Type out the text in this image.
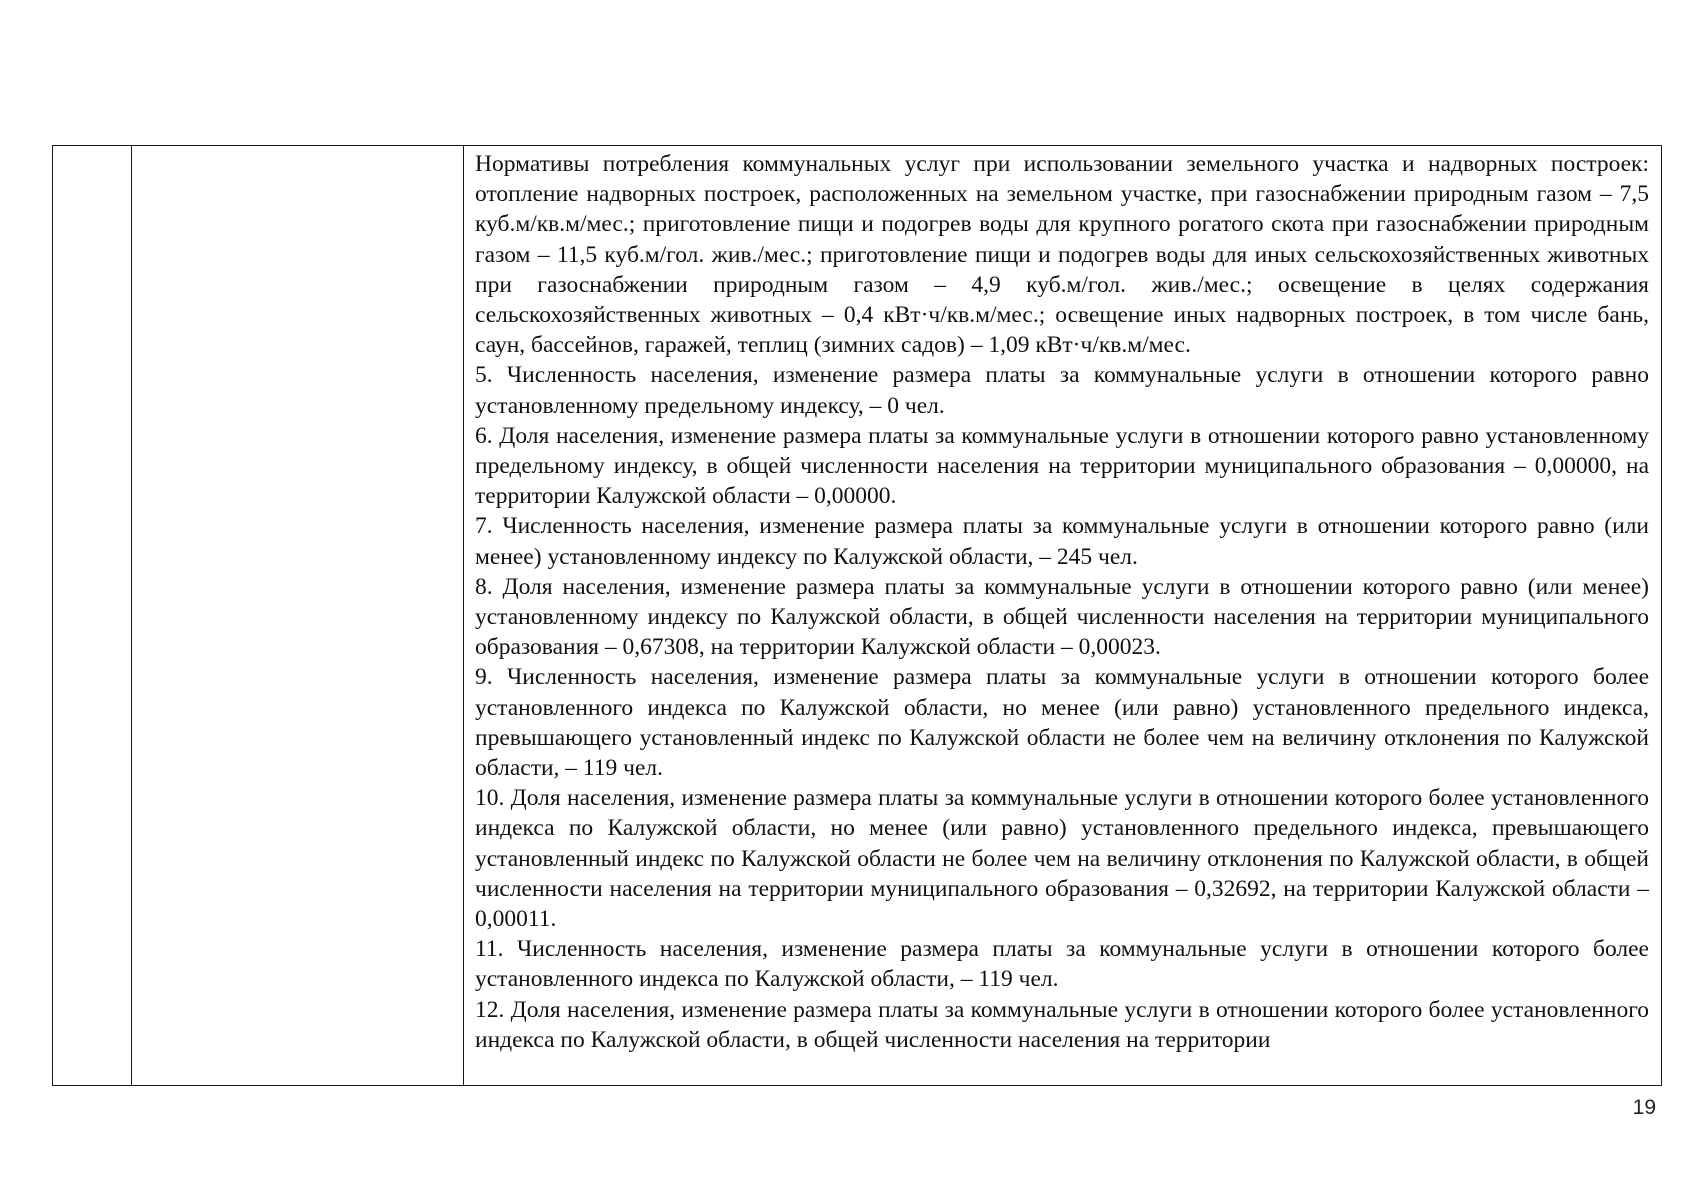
Нормативы потребления коммунальных услуг при использовании земельного участка и надворных построек: отопление надворных построек, расположенных на земельном участке, при газоснабжении природным газом – 7,5 куб.м/кв.м/мес.; приготовление пищи и подогрев воды для крупного рогатого скота при газоснабжении природным газом – 11,5 куб.м/гол. жив./мес.; приготовление пищи и подогрев воды для иных сельскохозяйственных животных при газоснабжении природным газом – 4,9 куб.м/гол. жив./мес.; освещение в целях содержания сельскохозяйственных животных – 0,4 кВт·ч/кв.м/мес.; освещение иных надворных построек, в том числе бань, саун, бассейнов, гаражей, теплиц (зимних садов) – 1,09 кВт·ч/кв.м/мес.

5. Численность населения, изменение размера платы за коммунальные услуги в отношении которого равно установленному предельному индексу, – 0 чел.

6. Доля населения, изменение размера платы за коммунальные услуги в отношении которого равно установленному предельному индексу, в общей численности населения на территории муниципального образования – 0,00000, на территории Калужской области – 0,00000.

7. Численность населения, изменение размера платы за коммунальные услуги в отношении которого равно (или менее) установленному индексу по Калужской области, – 245 чел.

8. Доля населения, изменение размера платы за коммунальные услуги в отношении которого равно (или менее) установленному индексу по Калужской области, в общей численности населения на территории муниципального образования – 0,67308, на территории Калужской области – 0,00023.

9. Численность населения, изменение размера платы за коммунальные услуги в отношении которого более установленного индекса по Калужской области, но менее (или равно) установленного предельного индекса, превышающего установленный индекс по Калужской области не более чем на величину отклонения по Калужской области, – 119 чел.

10. Доля населения, изменение размера платы за коммунальные услуги в отношении которого более установленного индекса по Калужской области, но менее (или равно) установленного предельного индекса, превышающего установленный индекс по Калужской области не более чем на величину отклонения по Калужской области, в общей численности населения на территории муниципального образования – 0,32692, на территории Калужской области – 0,00011.

11. Численность населения, изменение размера платы за коммунальные услуги в отношении которого более установленного индекса по Калужской области, – 119 чел.

12. Доля населения, изменение размера платы за коммунальные услуги в отношении которого более установленного индекса по Калужской области, в общей численности населения на территории

19
